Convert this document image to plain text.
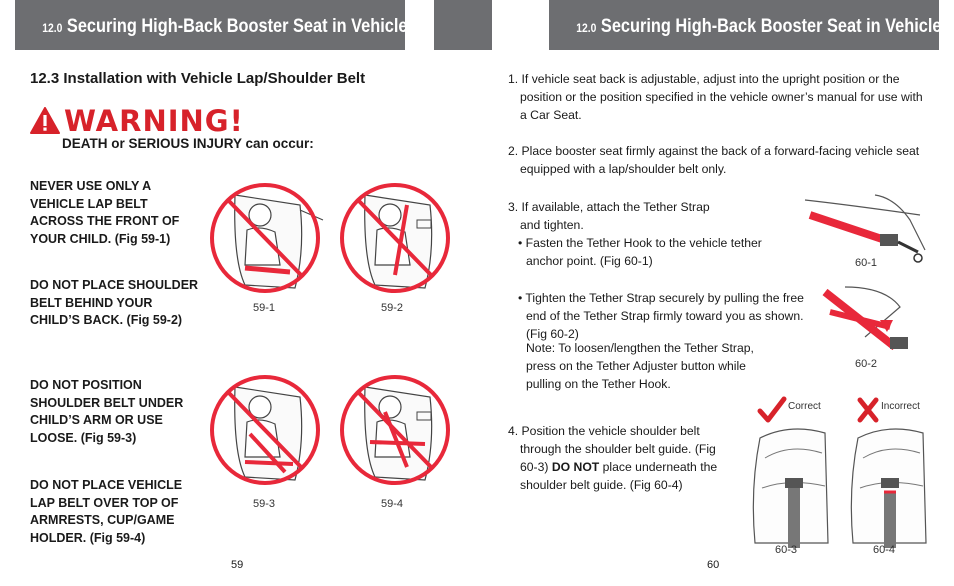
12.0 Securing High-Back Booster Seat in Vehicle	12.0 Securing High-Back Booster Seat in Vehicle
12.3 Installation with Vehicle Lap/Shoulder Belt
WARNING!
DEATH or SERIOUS INJURY can occur:
NEVER USE ONLY A VEHICLE LAP BELT ACROSS THE FRONT OF YOUR CHILD. (Fig 59-1)
DO NOT PLACE SHOULDER BELT BEHIND YOUR CHILD’S BACK. (Fig 59-2)
DO NOT POSITION SHOULDER BELT UNDER CHILD’S ARM OR USE LOOSE. (Fig 59-3)
DO NOT PLACE VEHICLE LAP BELT OVER TOP OF ARMRESTS, CUP/GAME HOLDER. (Fig 59-4)
59-1	59-2
59-3	59-4
59
1. If vehicle seat back is adjustable, adjust into the upright position or the position or the position specified in the vehicle owner’s manual for use with a Car Seat.
2. Place booster seat firmly against the back of a forward-facing vehicle seat equipped with a lap/shoulder belt only.
3. If available, attach the Tether Strap and tighten.
• Fasten the Tether Hook to the vehicle tether anchor point. (Fig 60-1)
• Tighten the Tether Strap securely by pulling the free end of the Tether Strap firmly toward you as shown. (Fig 60-2)
Note: To loosen/lengthen the Tether Strap, press on the Tether Adjuster button while pulling on the Tether Hook.
4. Position the vehicle shoulder belt through the shoulder belt guide. (Fig 60-3) DO NOT place underneath the shoulder belt guide. (Fig 60-4)
60-1
60-2
Correct	Incorrect
60-3	60-4
60
